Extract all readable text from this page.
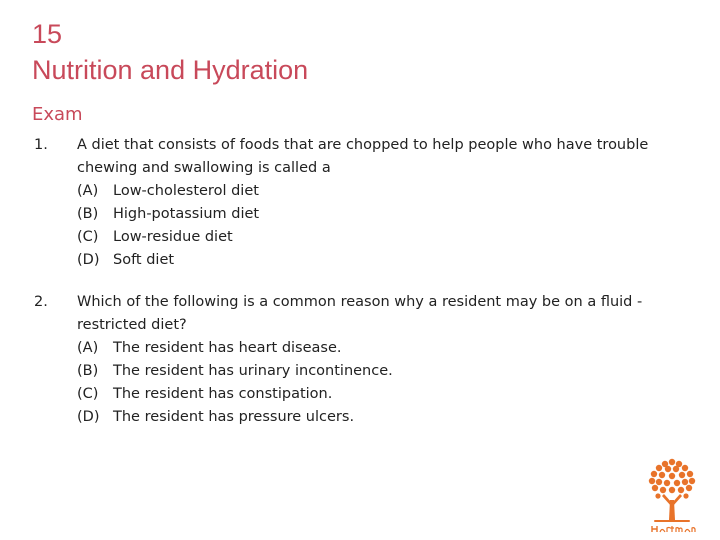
15
Nutrition and Hydration
Exam
1. A diet that consists of foods that are chopped to help people who have trouble chewing and swallowing is called a
(A)	Low-cholesterol diet
(B)	High-potassium diet
(C)	Low-residue diet
(D) Soft diet
2. Which of the following is a common reason why a resident may be on a fluid -restricted diet?
(A)	The resident has heart disease.
(B)	The resident has urinary incontinence.
(C)	The resident has constipation.
(D) The resident has pressure ulcers.
